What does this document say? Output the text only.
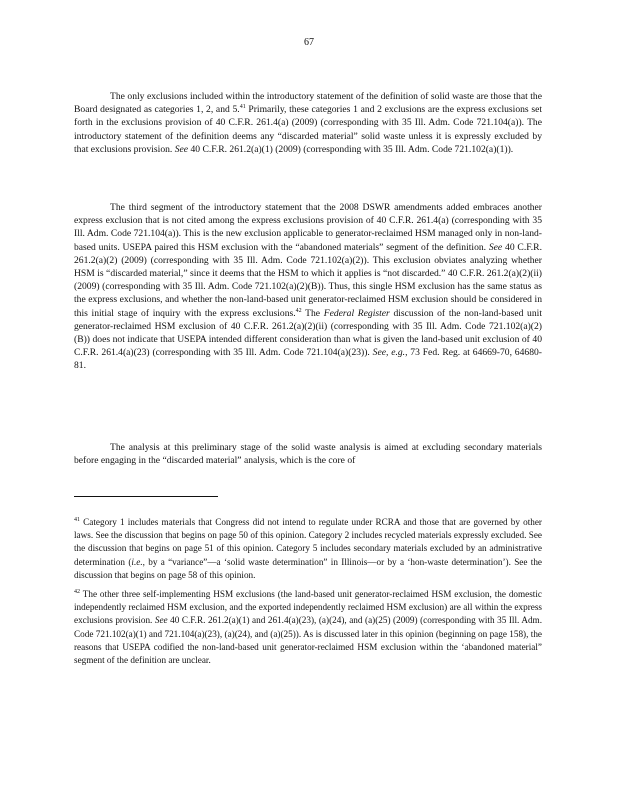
67

The only exclusions included within the introductory statement of the definition of solid waste are those that the Board designated as categories 1, 2, and 5.41 Primarily, these categories 1 and 2 exclusions are the express exclusions set forth in the exclusions provision of 40 C.F.R. 261.4(a) (2009) (corresponding with 35 Ill. Adm. Code 721.104(a)). The introductory statement of the definition deems any “discarded material” solid waste unless it is expressly excluded by that exclusions provision. See 40 C.F.R. 261.2(a)(1) (2009) (corresponding with 35 Ill. Adm. Code 721.102(a)(1)).

The third segment of the introductory statement that the 2008 DSWR amendments added embraces another express exclusion that is not cited among the express exclusions provision of 40 C.F.R. 261.4(a) (corresponding with 35 Ill. Adm. Code 721.104(a)). This is the new exclusion applicable to generator-reclaimed HSM managed only in non-land-based units. USEPA paired this HSM exclusion with the “abandoned materials” segment of the definition. See 40 C.F.R. 261.2(a)(2) (2009) (corresponding with 35 Ill. Adm. Code 721.102(a)(2)). This exclusion obviates analyzing whether HSM is “discarded material,” since it deems that the HSM to which it applies is “not discarded.” 40 C.F.R. 261.2(a)(2)(ii) (2009) (corresponding with 35 Ill. Adm. Code 721.102(a)(2)(B)). Thus, this single HSM exclusion has the same status as the express exclusions, and whether the non-land-based unit generator-reclaimed HSM exclusion should be considered in this initial stage of inquiry with the express exclusions.$^{42}$ The Federal Register discussion of the non-land-based unit generator-reclaimed HSM exclusion of 40 C.F.R. 261.2(a)(2)(ii) (corresponding with 35 Ill. Adm. Code 721.102(a)(2)(B)) does not indicate that USEPA intended different consideration than what is given the land-based unit exclusion of 40 C.F.R. 261.4(a)(23) (corresponding with 35 Ill. Adm. Code 721.104(a)(23)). See, e.g., 73 Fed. Reg. at 64669-70, 64680-81.

The analysis at this preliminary stage of the solid waste analysis is aimed at excluding secondary materials before engaging in the “discarded material” analysis, which is the core of

$^{41}$ Category 1 includes materials that Congress did not intend to regulate under RCRA and those that are governed by other laws. See the discussion that begins on page 50 of this opinion. Category 2 includes recycled materials expressly excluded. See the discussion that begins on page 51 of this opinion. Category 5 includes secondary materials excluded by an administrative determination (i.e., by a “variance”—a ‘solid waste determination” in Illinois—or by a ‘hon-waste determination’). See the discussion that begins on page 58 of this opinion.

$^{42}$ The other three self-implementing HSM exclusions (the land-based unit generator-reclaimed HSM exclusion, the domestic independently reclaimed HSM exclusion, and the exported independently reclaimed HSM exclusion) are all within the express exclusions provision. See 40 C.F.R. 261.2(a)(1) and 261.4(a)(23), (a)(24), and (a)(25) (2009) (corresponding with 35 Ill. Adm. Code 721.102(a)(1) and 721.104(a)(23), (a)(24), and (a)(25)). As is discussed later in this opinion (beginning on page 158), the reasons that USEPA codified the non-land-based unit generator-reclaimed HSM exclusion within the ‘abandoned material” segment of the definition are unclear.
